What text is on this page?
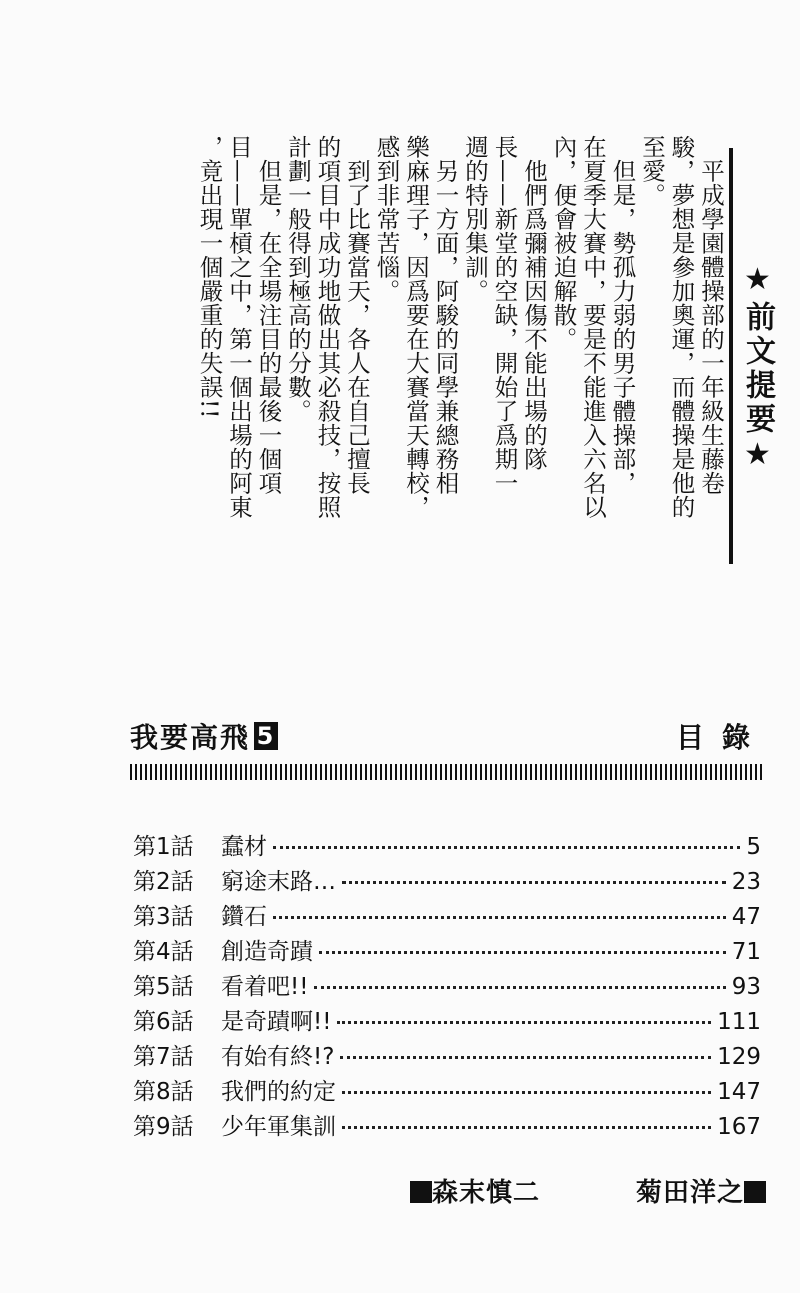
★前文提要★

　平成學園體操部的一年級生藤卷

駿，夢想是參加奧運，而體操是他的

至愛。

　但是，勢孤力弱的男子體操部，

在夏季大賽中，要是不能進入六名以

內，便會被迫解散。

　他們爲彌補因傷不能出場的隊

長——新堂的空缺，開始了爲期一

週的特別集訓。

　另一方面，阿駿的同學兼總務相

樂麻理子，因爲要在大賽當天轉校，

感到非常苦惱。

　到了比賽當天，各人在自己擅長

的項目中成功地做出其必殺技，按照

計劃一般得到極高的分數。

　但是，在全場注目的最後一個項

目——單槓之中，第一個出場的阿東

，竟出現一個嚴重的失誤!!

我要高飛 5	目錄
第1話	蠢材	5
第2話	窮途末路…	23
第3話	鑽石	47
第4話	創造奇蹟	71
第5話	看着吧!!	93
第6話	是奇蹟啊!!	111
第7話	有始有終!?	129
第8話	我們的約定	147
第9話	少年軍集訓	167
森末慎二	菊田洋之
